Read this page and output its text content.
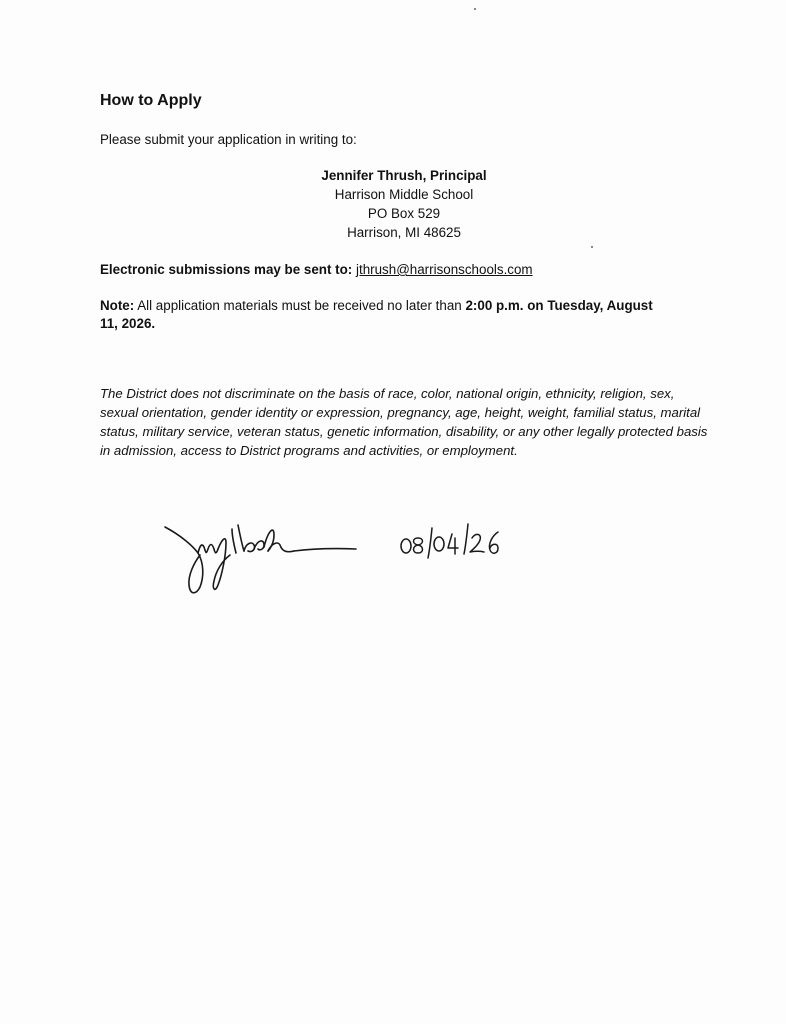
How to Apply

Please submit your application in writing to:

Jennifer Thrush, Principal
Harrison Middle School
PO Box 529
Harrison, MI 48625

Electronic submissions may be sent to: jthrush@harrisonschools.com

Note: All application materials must be received no later than 2:00 p.m. on Tuesday, August 11, 2026.

The District does not discriminate on the basis of race, color, national origin, ethnicity, religion, sex, sexual orientation, gender identity or expression, pregnancy, age, height, weight, familial status, marital status, military service, veteran status, genetic information, disability, or any other legally protected basis in admission, access to District programs and activities, or employment.
